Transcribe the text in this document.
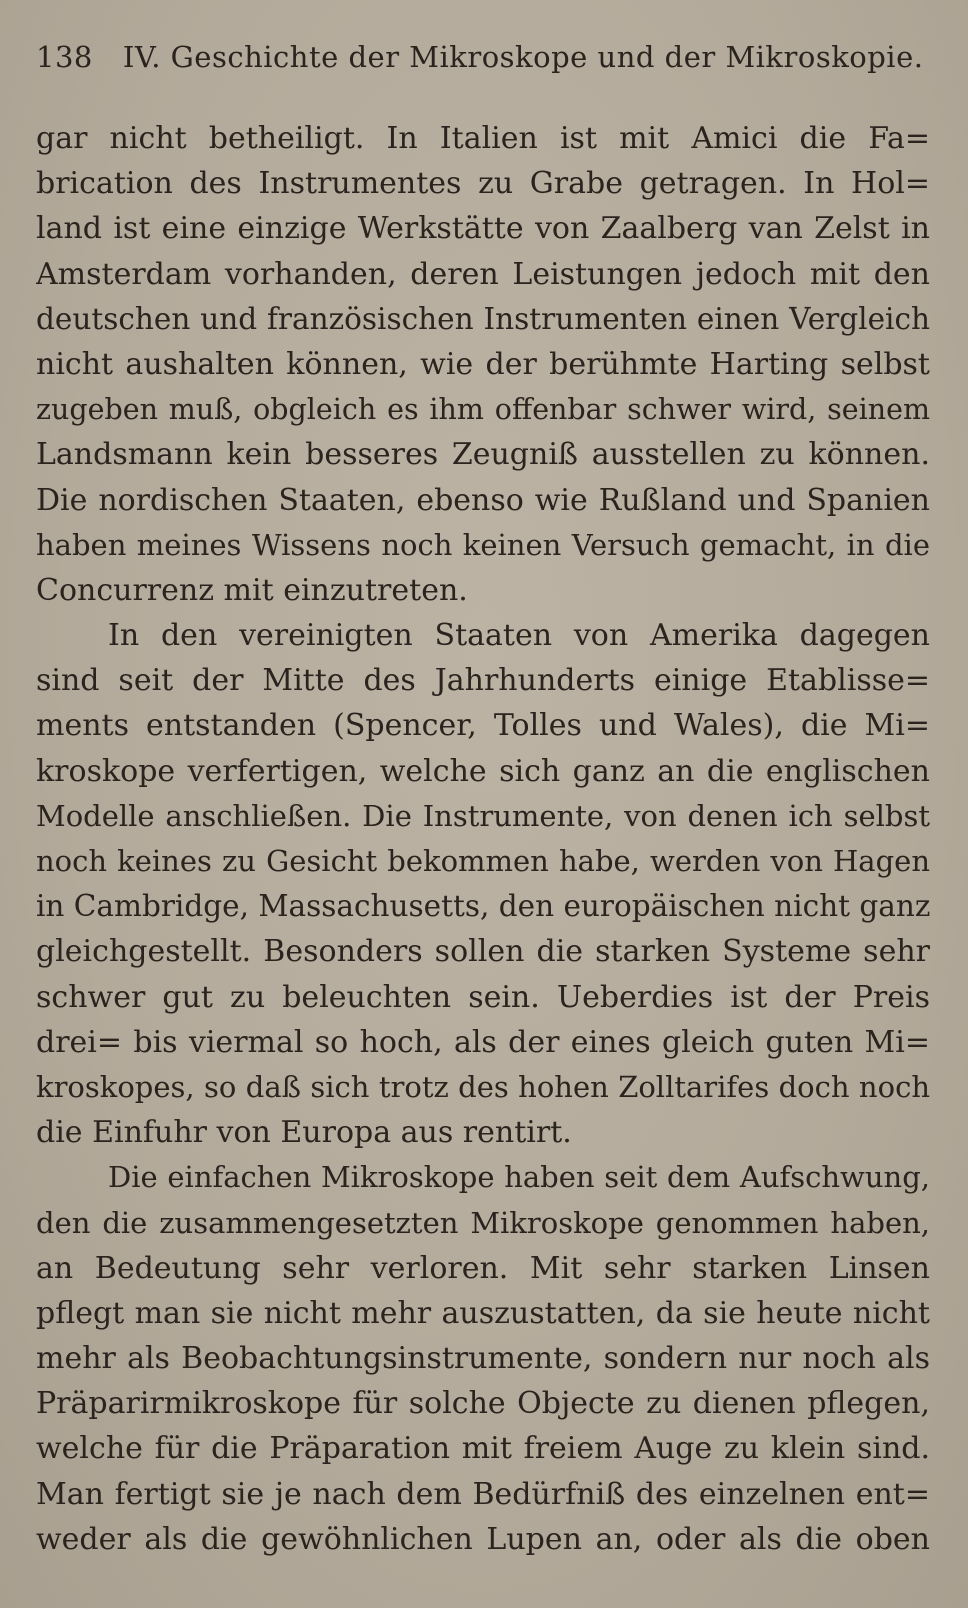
138 IV. Geschichte der Mikroskope und der Mikroskopie.
gar nicht betheiligt. In Italien ist mit Amici die Fa=
brication des Instrumentes zu Grabe getragen. In Hol=
land ist eine einzige Werkstätte von Zaalberg van Zelst in
Amsterdam vorhanden, deren Leistungen jedoch mit den
deutschen und französischen Instrumenten einen Vergleich
nicht aushalten können, wie der berühmte Harting selbst
zugeben muß, obgleich es ihm offenbar schwer wird, seinem
Landsmann kein besseres Zeugniß ausstellen zu können.
Die nordischen Staaten, ebenso wie Rußland und Spanien
haben meines Wissens noch keinen Versuch gemacht, in die
Concurrenz mit einzutreten.
In den vereinigten Staaten von Amerika dagegen
sind seit der Mitte des Jahrhunderts einige Etablisse=
ments entstanden (Spencer, Tolles und Wales), die Mi=
kroskope verfertigen, welche sich ganz an die englischen
Modelle anschließen. Die Instrumente, von denen ich selbst
noch keines zu Gesicht bekommen habe, werden von Hagen
in Cambridge, Massachusetts, den europäischen nicht ganz
gleichgestellt. Besonders sollen die starken Systeme sehr
schwer gut zu beleuchten sein. Ueberdies ist der Preis
drei= bis viermal so hoch, als der eines gleich guten Mi=
kroskopes, so daß sich trotz des hohen Zolltarifes doch noch
die Einfuhr von Europa aus rentirt.
Die einfachen Mikroskope haben seit dem Aufschwung,
den die zusammengesetzten Mikroskope genommen haben,
an Bedeutung sehr verloren. Mit sehr starken Linsen
pflegt man sie nicht mehr auszustatten, da sie heute nicht
mehr als Beobachtungsinstrumente, sondern nur noch als
Präparirmikroskope für solche Objecte zu dienen pflegen,
welche für die Präparation mit freiem Auge zu klein sind.
Man fertigt sie je nach dem Bedürfniß des einzelnen ent=
weder als die gewöhnlichen Lupen an, oder als die oben
